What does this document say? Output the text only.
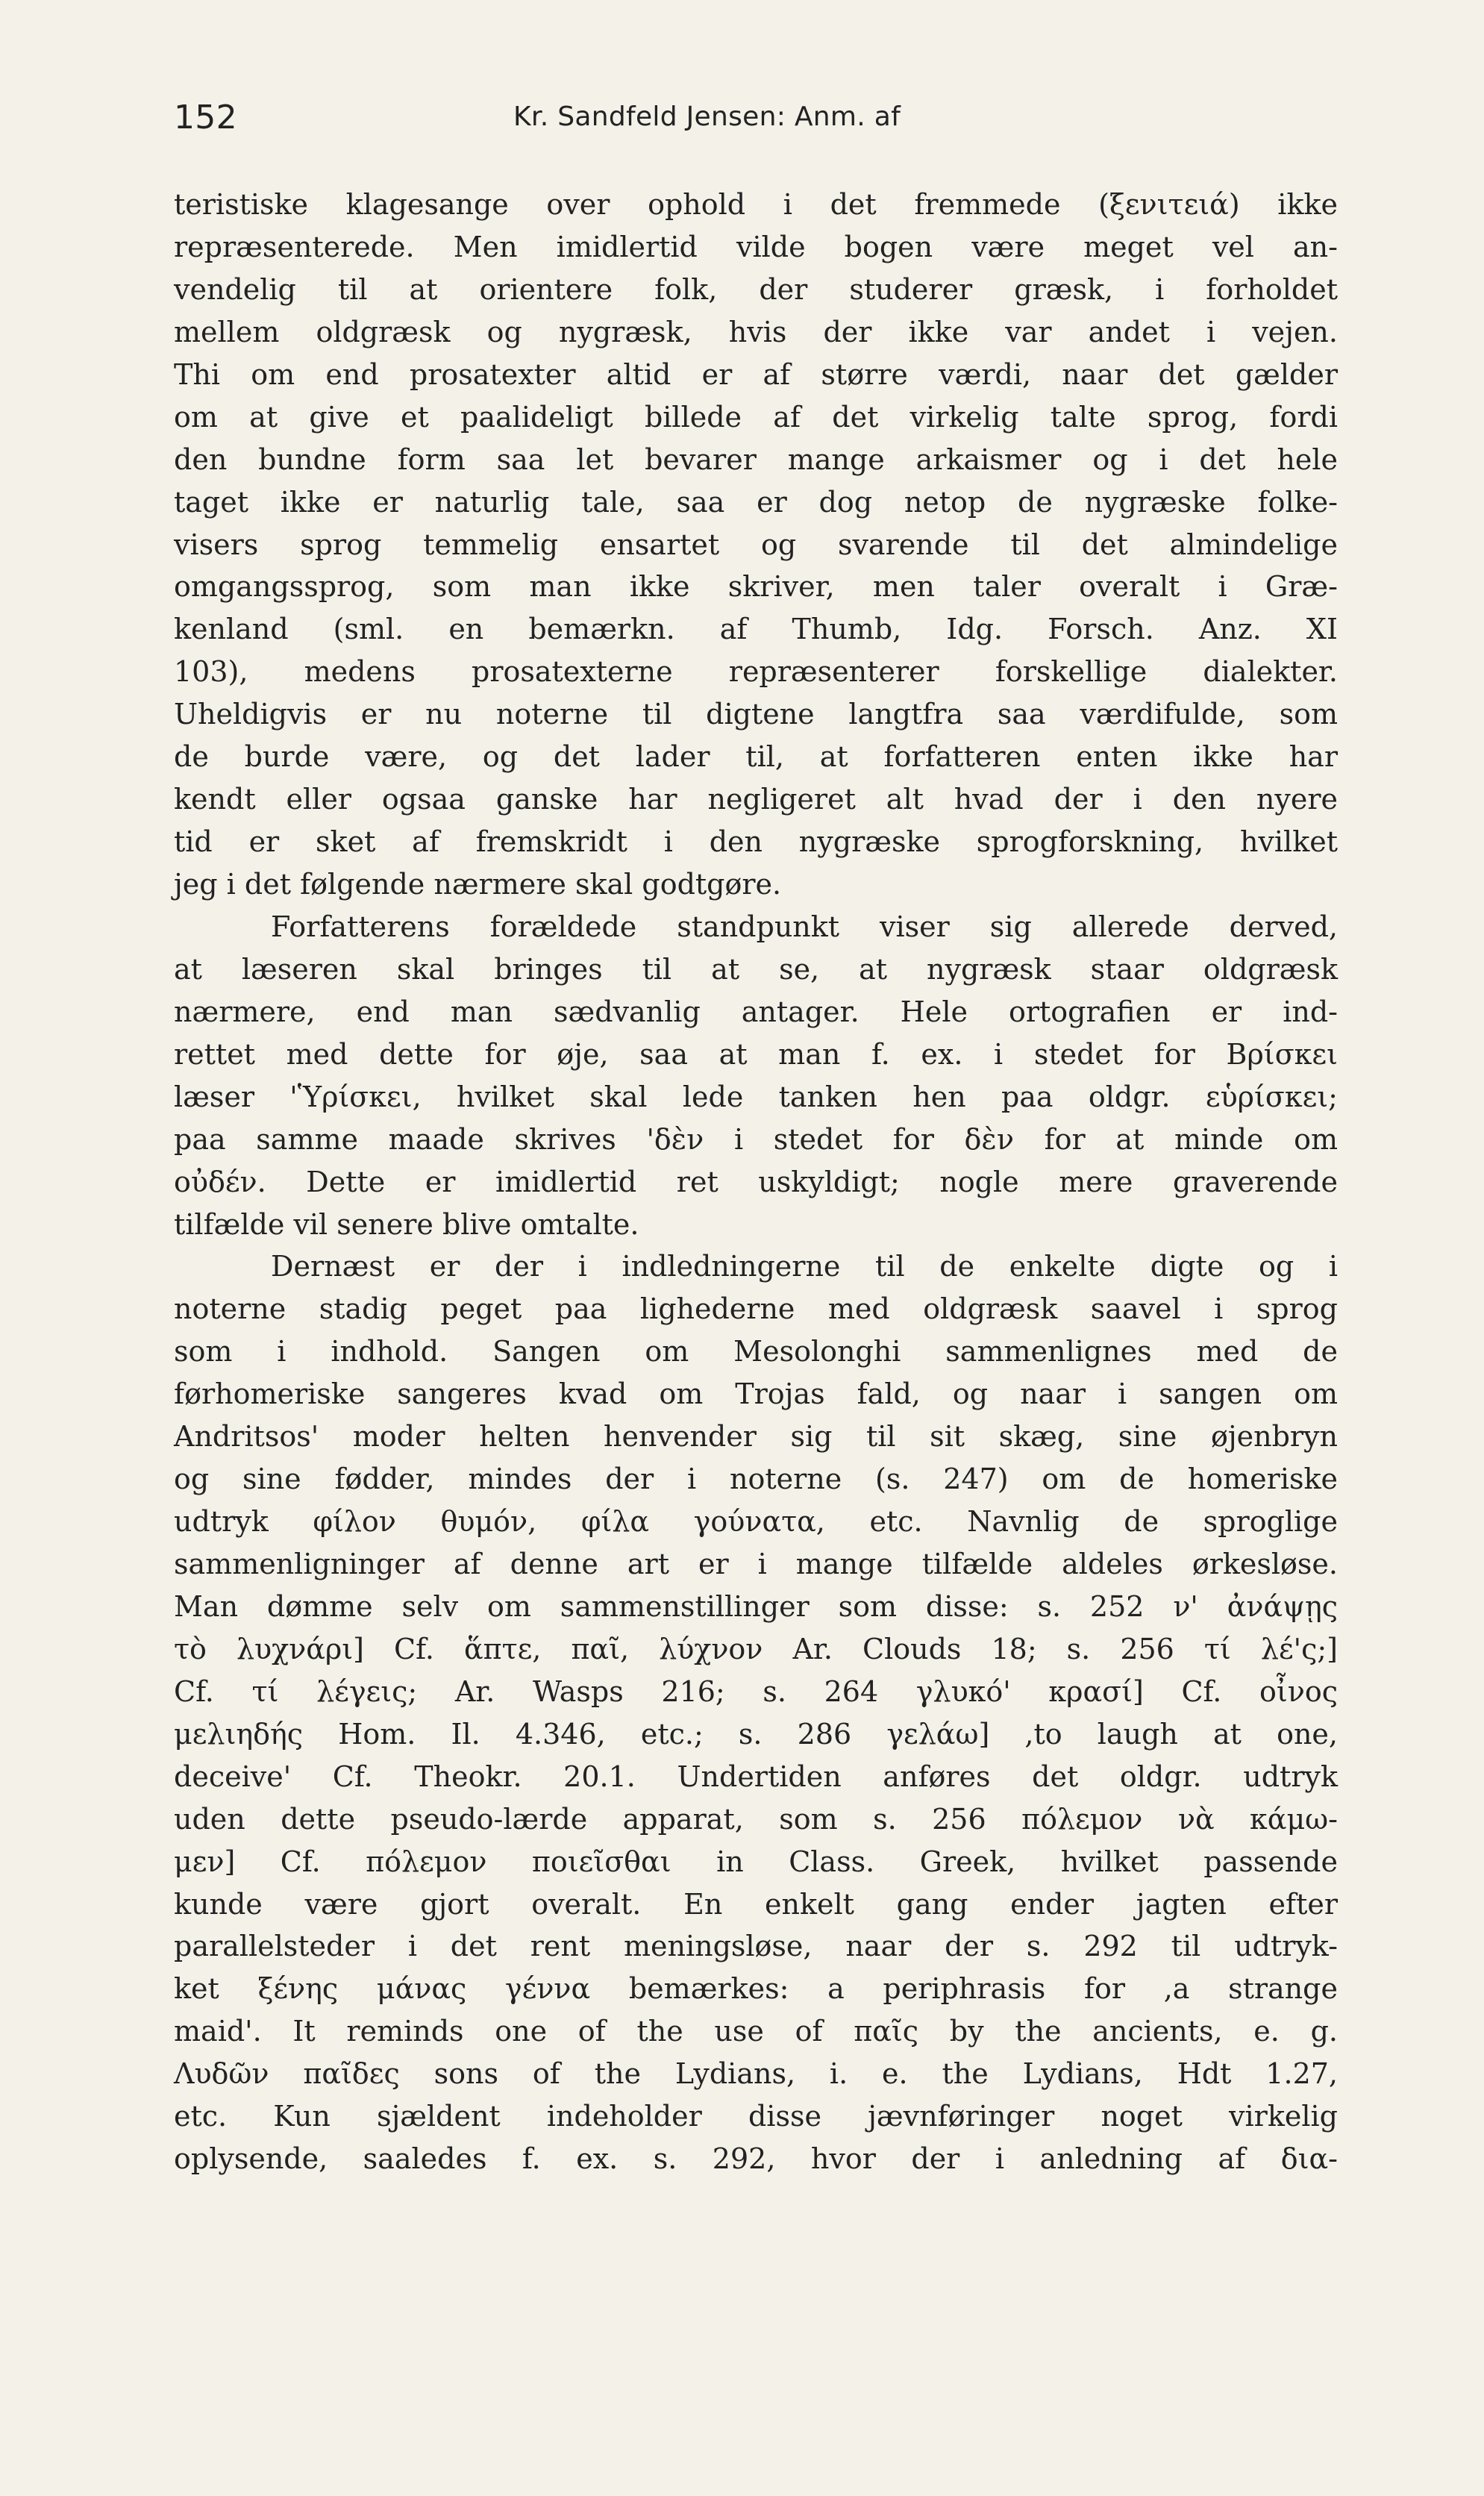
152	Kr. Sandfeld Jensen: Anm. af
teristiske klagesange over ophold i det fremmede (ξενιτειά) ikke
repræsenterede. Men imidlertid vilde bogen være meget vel an-
vendelig til at orientere folk, der studerer græsk, i forholdet
mellem oldgræsk og nygræsk, hvis der ikke var andet i vejen.
Thi om end prosatexter altid er af større værdi, naar det gælder
om at give et paalideligt billede af det virkelig talte sprog, fordi
den bundne form saa let bevarer mange arkaismer og i det hele
taget ikke er naturlig tale, saa er dog netop de nygræske folke-
visers sprog temmelig ensartet og svarende til det almindelige
omgangssprog, som man ikke skriver, men taler overalt i Græ-
kenland (sml. en bemærkn. af Thumb, Idg. Forsch. Anz. XI
103), medens prosatexterne repræsenterer forskellige dialekter.
Uheldigvis er nu noterne til digtene langtfra saa værdifulde, som
de burde være, og det lader til, at forfatteren enten ikke har
kendt eller ogsaa ganske har negligeret alt hvad der i den nyere
tid er sket af fremskridt i den nygræske sprogforskning, hvilket
jeg i det følgende nærmere skal godtgøre.
Forfatterens forældede standpunkt viser sig allerede derved,
at læseren skal bringes til at se, at nygræsk staar oldgræsk
nærmere, end man sædvanlig antager. Hele ortografien er ind-
rettet med dette for øje, saa at man f. ex. i stedet for Βρίσκει
læser 'Ὑρίσκει, hvilket skal lede tanken hen paa oldgr. εὑρίσκει;
paa samme maade skrives 'δὲν i stedet for δὲν for at minde om
οὐδέν. Dette er imidlertid ret uskyldigt; nogle mere graverende
tilfælde vil senere blive omtalte.
Dernæst er der i indledningerne til de enkelte digte og i
noterne stadig peget paa lighederne med oldgræsk saavel i sprog
som i indhold. Sangen om Mesolonghi sammenlignes med de
førhomeriske sangeres kvad om Trojas fald, og naar i sangen om
Andritsos' moder helten henvender sig til sit skæg, sine øjenbryn
og sine fødder, mindes der i noterne (s. 247) om de homeriske
udtryk φίλον θυμόν, φίλα γούνατα, etc. Navnlig de sproglige
sammenligninger af denne art er i mange tilfælde aldeles ørkesløse.
Man dømme selv om sammenstillinger som disse: s. 252 ν' ἀνάψῃς
τὸ λυχνάρι] Cf. ἅπτε, παῖ, λύχνον Ar. Clouds 18; s. 256 τί λέ'ς;]
Cf. τί λέγεις; Ar. Wasps 216; s. 264 γλυκό' κρασί] Cf. οἶνος
μελιηδής Hom. Il. 4.346, etc.; s. 286 γελάω] ,to laugh at one,
deceive' Cf. Theokr. 20.1. Undertiden anføres det oldgr. udtryk
uden dette pseudo-lærde apparat, som s. 256 πόλεμον νὰ κάμω-
μεν] Cf. πόλεμον ποιεῖσθαι in Class. Greek, hvilket passende
kunde være gjort overalt. En enkelt gang ender jagten efter
parallelsteder i det rent meningsløse, naar der s. 292 til udtryk-
ket ξένης μάνας γέννα bemærkes: a periphrasis for ,a strange
maid'. It reminds one of the use of παῖς by the ancients, e. g.
Λυδῶν παῖδες sons of the Lydians, i. e. the Lydians, Hdt 1.27,
etc. Kun sjældent indeholder disse jævnføringer noget virkelig
oplysende, saaledes f. ex. s. 292, hvor der i anledning af δια-
